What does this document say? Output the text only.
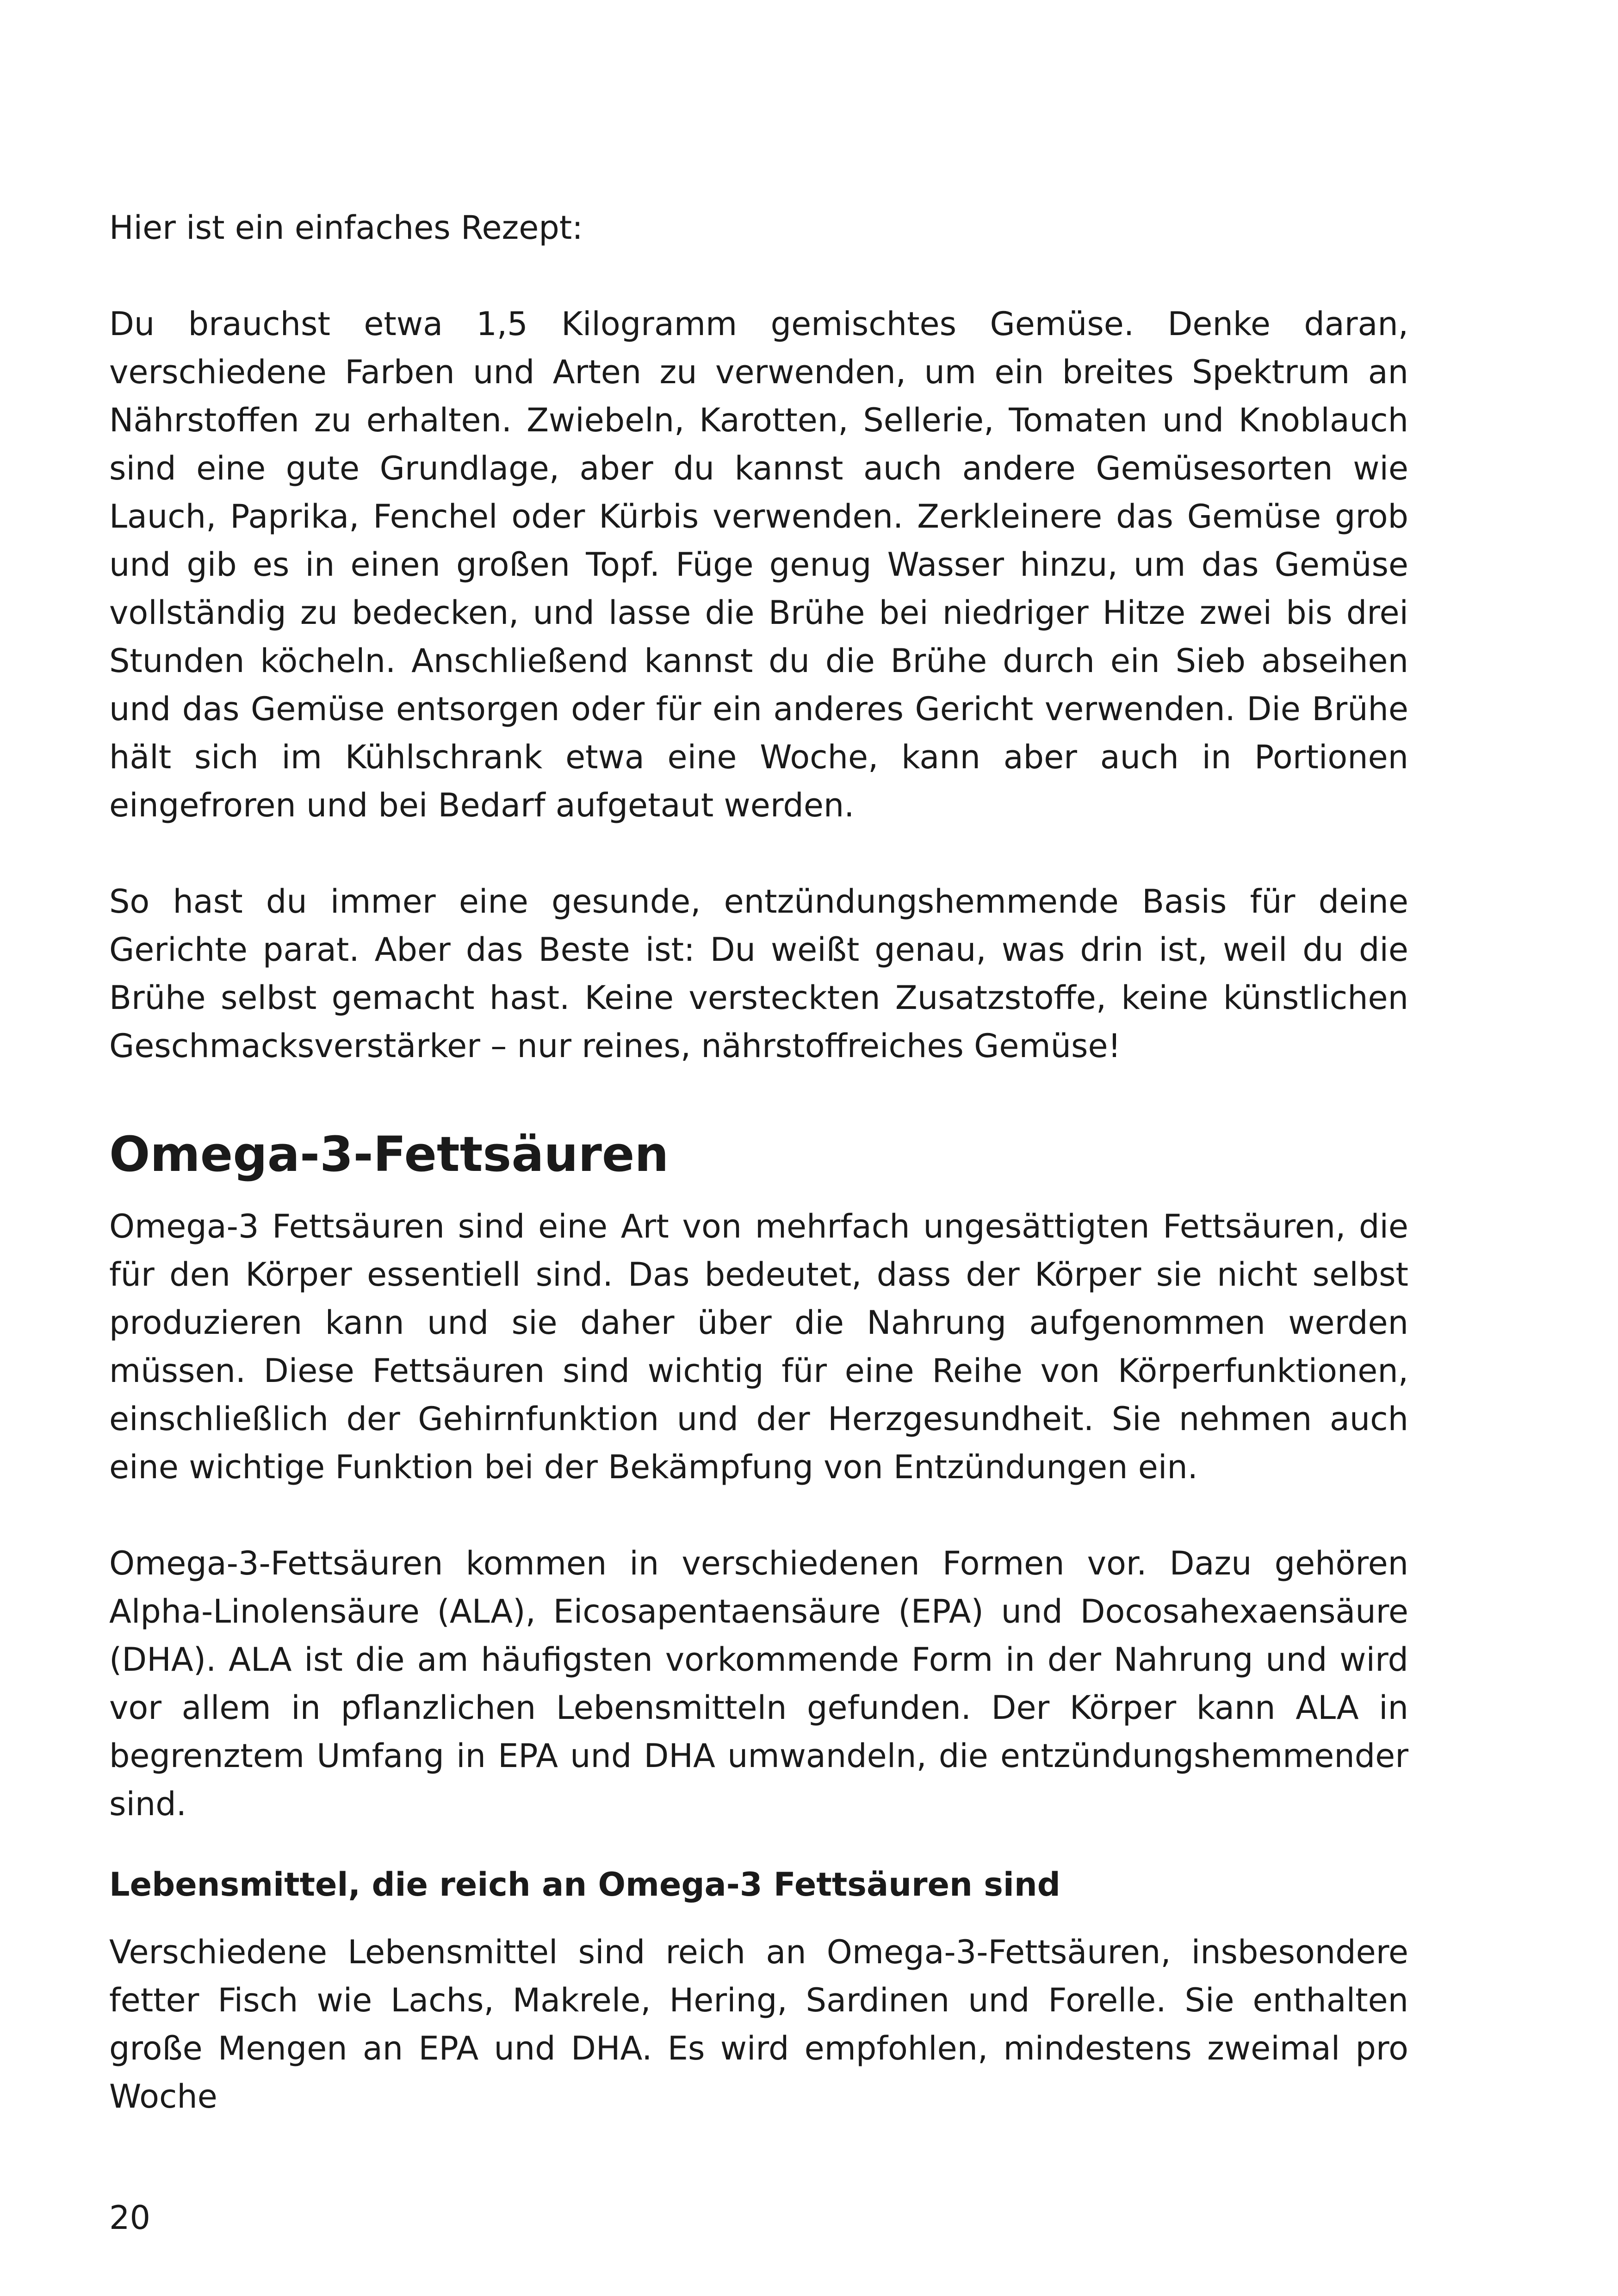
Hier ist ein einfaches Rezept:

Du brauchst etwa 1,5 Kilogramm gemischtes Gemüse. Denke daran, verschiedene Farben und Arten zu verwenden, um ein breites Spektrum an Nährstoffen zu erhalten. Zwiebeln, Karotten, Sellerie, Tomaten und Knoblauch sind eine gute Grundlage, aber du kannst auch andere Gemüsesorten wie Lauch, Paprika, Fenchel oder Kürbis verwenden. Zerkleinere das Gemüse grob und gib es in einen großen Topf. Füge genug Wasser hinzu, um das Gemüse vollständig zu bedecken, und lasse die Brühe bei niedriger Hitze zwei bis drei Stunden köcheln. Anschließend kannst du die Brühe durch ein Sieb abseihen und das Gemüse entsorgen oder für ein anderes Gericht verwenden. Die Brühe hält sich im Kühlschrank etwa eine Woche, kann aber auch in Portionen eingefroren und bei Bedarf aufgetaut werden.

So hast du immer eine gesunde, entzündungshemmende Basis für deine Gerichte parat. Aber das Beste ist: Du weißt genau, was drin ist, weil du die Brühe selbst gemacht hast. Keine versteckten Zusatzstoffe, keine künstlichen Geschmacksverstärker – nur reines, nährstoffreiches Gemüse!

Omega-3-Fettsäuren

Omega-3 Fettsäuren sind eine Art von mehrfach ungesättigten Fettsäuren, die für den Körper essentiell sind. Das bedeutet, dass der Körper sie nicht selbst produzieren kann und sie daher über die Nahrung aufgenommen werden müssen. Diese Fettsäuren sind wichtig für eine Reihe von Körperfunktionen, einschließlich der Gehirnfunktion und der Herzgesundheit. Sie nehmen auch eine wichtige Funktion bei der Bekämpfung von Entzündungen ein.

Omega-3-Fettsäuren kommen in verschiedenen Formen vor. Dazu gehören Alpha-Linolensäure (ALA), Eicosapentaensäure (EPA) und Docosahexaensäure (DHA). ALA ist die am häufigsten vorkommende Form in der Nahrung und wird vor allem in pflanzlichen Lebensmitteln gefunden. Der Körper kann ALA in begrenztem Umfang in EPA und DHA umwandeln, die entzündungshemmender sind.

Lebensmittel, die reich an Omega-3 Fettsäuren sind

Verschiedene Lebensmittel sind reich an Omega-3-Fettsäuren, insbesondere fetter Fisch wie Lachs, Makrele, Hering, Sardinen und Forelle. Sie enthalten große Mengen an EPA und DHA. Es wird empfohlen, mindestens zweimal pro Woche

20
